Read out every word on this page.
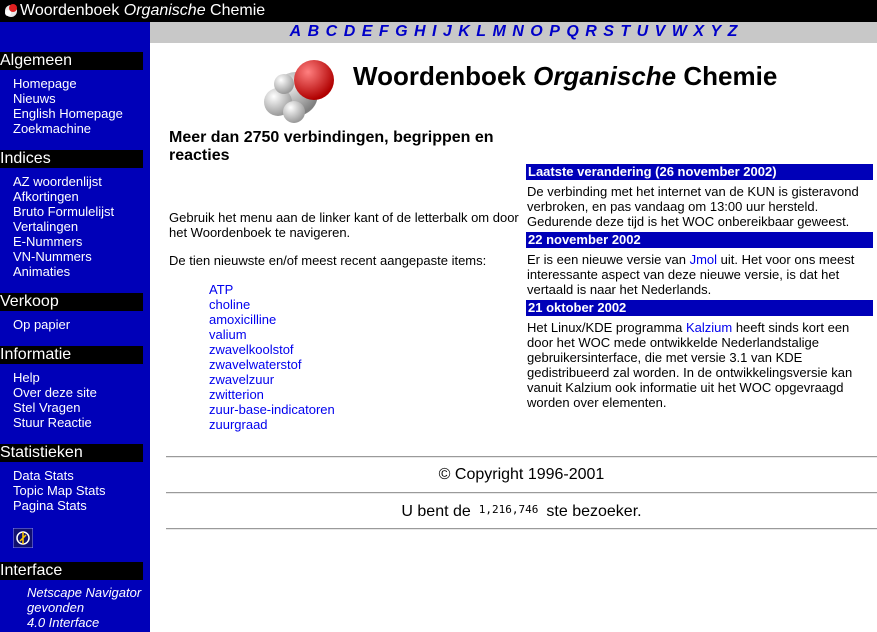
Woordenboek Organische Chemie
Algemeen
Homepage
Nieuws
English Homepage
Zoekmachine
Indices
AZ woordenlijst
Afkortingen
Bruto Formulelijst
Vertalingen
E-Nummers
VN-Nummers
Animaties
Verkoop
Op papier
Informatie
Help
Over deze site
Stel Vragen
Stuur Reactie
Statistieken
Data Stats
Topic Map Stats
Pagina Stats
Interface
Netscape Navigator
gevonden
4.0 Interface
A B C D E F G H I J K L M N O P Q R S T U V W X Y Z
Woordenboek Organische Chemie
Meer dan 2750 verbindingen, begrippen en reacties
Gebruik het menu aan de linker kant of de letterbalk om door het Woordenboek te navigeren.
De tien nieuwste en/of meest recent aangepaste items:
ATP
choline
amoxicilline
valium
zwavelkoolstof
zwavelwaterstof
zwavelzuur
zwitterion
zuur-base-indicatoren
zuurgraad
Laatste verandering (26 november 2002)
De verbinding met het internet van de KUN is gisteravond verbroken, en pas vandaag om 13:00 uur hersteld. Gedurende deze tijd is het WOC onbereikbaar geweest.
22 november 2002
Er is een nieuwe versie van Jmol uit. Het voor ons meest interessante aspect van deze nieuwe versie, is dat het vertaald is naar het Nederlands.
21 oktober 2002
Het Linux/KDE programma Kalzium heeft sinds kort een door het WOC mede ontwikkelde Nederlandstalige gebruikersinterface, die met versie 3.1 van KDE gedistribueerd zal worden. In de ontwikkelingsversie kan vanuit Kalzium ook informatie uit het WOC opgevraagd worden over elementen.
© Copyright 1996-2001
U bent de 1,216,746 ste bezoeker.
